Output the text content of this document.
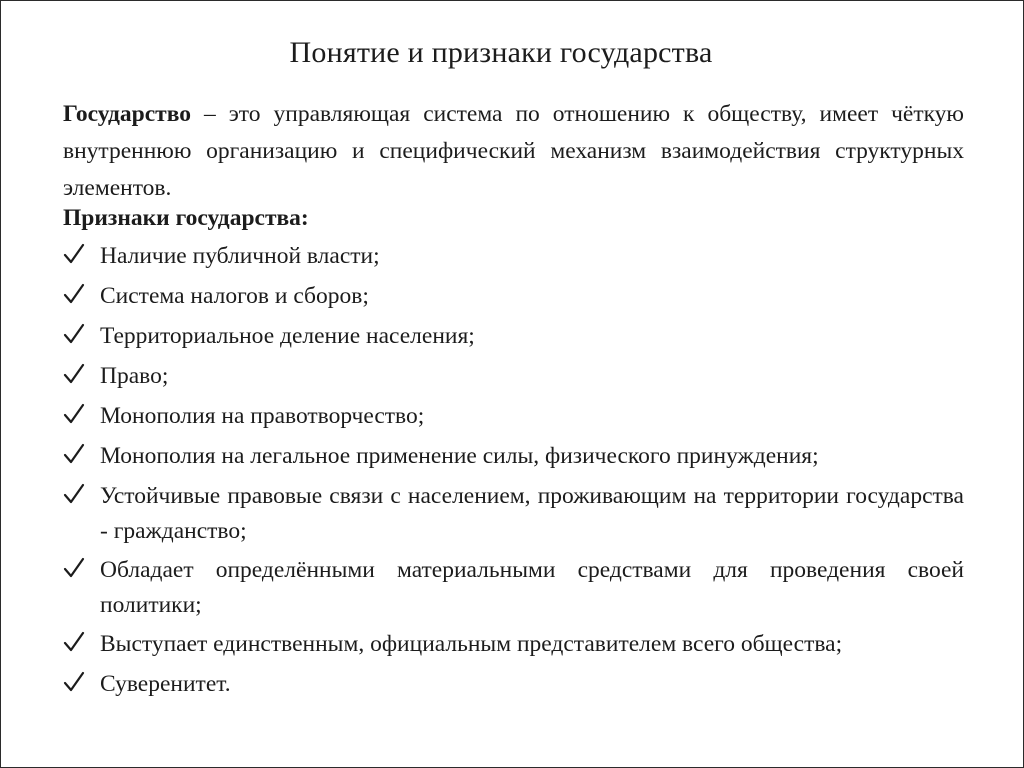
Понятие и признаки государства

Государство – это управляющая система по отношению к обществу, имеет чёткую внутреннюю организацию и специфический механизм взаимодействия структурных элементов.

Признаки государства:
Наличие публичной власти;
Система налогов и сборов;
Территориальное деление населения;
Право;
Монополия на правотворчество;
Монополия на легальное применение силы, физического принуждения;
Устойчивые правовые связи с населением, проживающим на территории государства - гражданство;
Обладает определёнными материальными средствами для проведения своей политики;
Выступает единственным, официальным представителем всего общества;
Суверенитет.
